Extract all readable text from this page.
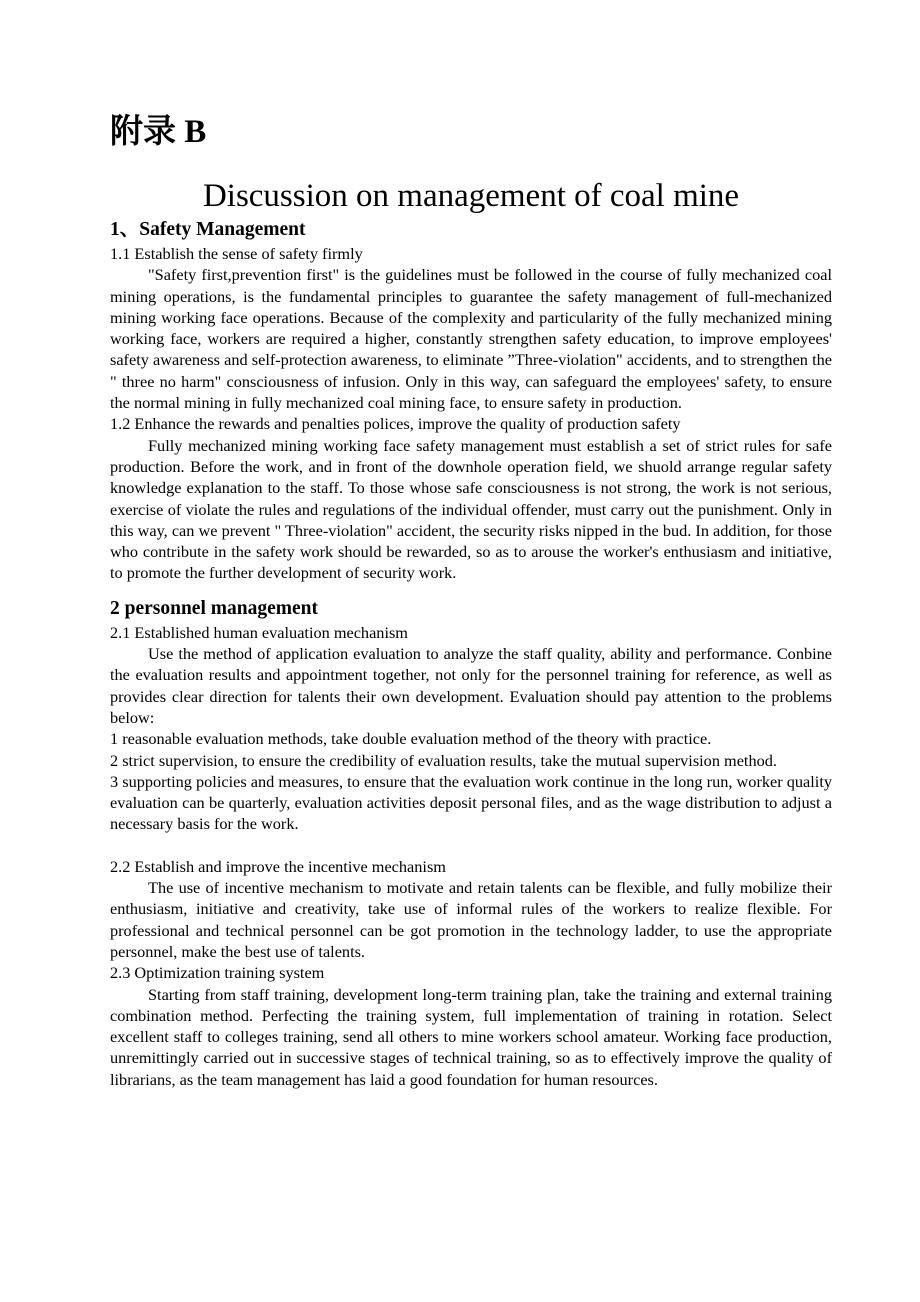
附录 B
Discussion on management of coal mine
1、Safety Management
1.1 Establish the sense of safety firmly
"Safety first,prevention first" is the guidelines must be followed in the course of fully mechanized coal mining operations, is the fundamental principles to guarantee the safety management of full-mechanized mining working face operations. Because of the complexity and particularity of the fully mechanized mining working face, workers are required a higher, constantly strengthen safety education, to improve employees' safety awareness and self-protection awareness, to eliminate ”Three-violation" accidents, and to strengthen the " three no harm" consciousness of infusion. Only in this way, can safeguard the employees' safety, to ensure the normal mining in fully mechanized coal mining face, to ensure safety in production.
1.2 Enhance the rewards and penalties polices, improve the quality of production safety
Fully mechanized mining working face safety management must establish a set of strict rules for safe production. Before the work, and in front of the downhole operation field, we shuold arrange regular safety knowledge explanation to the staff. To those whose safe consciousness is not strong, the work is not serious, exercise of violate the rules and regulations of the individual offender, must carry out the punishment. Only in this way, can we prevent " Three-violation" accident, the security risks nipped in the bud. In addition, for those who contribute in the safety work should be rewarded, so as to arouse the worker's enthusiasm and initiative, to promote the further development of security work.
2 personnel management
2.1 Established human evaluation mechanism
Use the method of application evaluation to analyze the staff quality, ability and performance. Conbine the evaluation results and appointment together, not only for the personnel training for reference, as well as provides clear direction for talents their own development. Evaluation should pay attention to the problems below:
1 reasonable evaluation methods, take double evaluation method of the theory with practice.
2 strict supervision, to ensure the credibility of evaluation results, take the mutual supervision method.
3 supporting policies and measures, to ensure that the evaluation work continue in the long run, worker quality evaluation can be quarterly, evaluation activities deposit personal files, and as the wage distribution to adjust a necessary basis for the work.
2.2 Establish and improve the incentive mechanism
The use of incentive mechanism to motivate and retain talents can be flexible, and fully mobilize their enthusiasm, initiative and creativity, take use of informal rules of the workers to realize flexible. For professional and technical personnel can be got promotion in the technology ladder, to use the appropriate personnel, make the best use of talents.
2.3 Optimization training system
Starting from staff training, development long-term training plan, take the training and external training combination method. Perfecting the training system, full implementation of training in rotation. Select excellent staff to colleges training, send all others to mine workers school amateur. Working face production, unremittingly carried out in successive stages of technical training, so as to effectively improve the quality of librarians, as the team management has laid a good foundation for human resources.
